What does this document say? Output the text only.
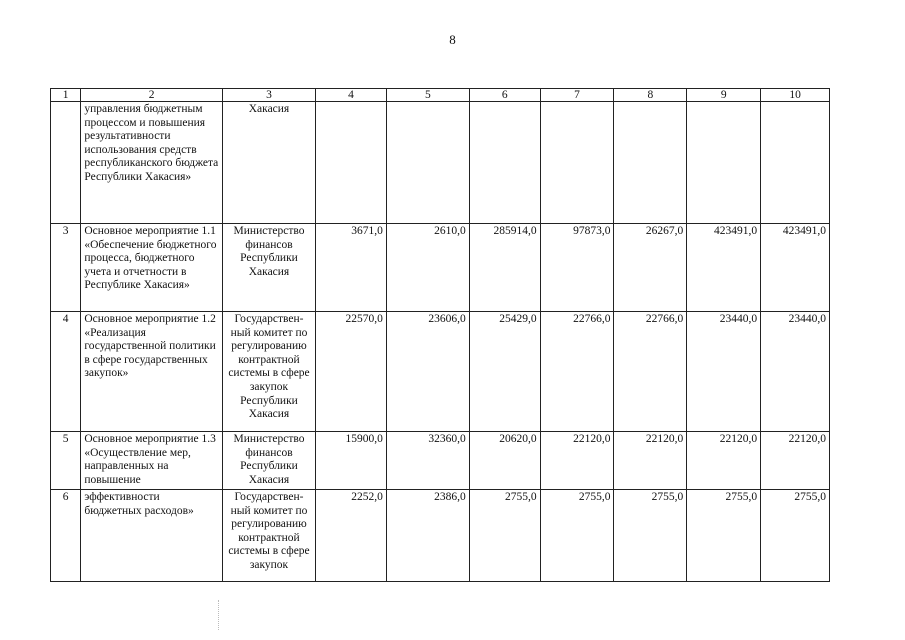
8
1	2	3	4	5	6	7	8	9	10
	управления бюджетным процессом и повышения результативности использования средств республиканского бюджета Республики Хакасия»	Хакасия							
3	Основное мероприятие 1.1 «Обеспечение бюджетного процесса, бюджетного учета и отчетности в Республике Хакасия»	Министерство финансов Республики Хакасия	3671,0	2610,0	285914,0	97873,0	26267,0	423491,0	423491,0
4	Основное мероприятие 1.2 «Реализация государственной политики в сфере государственных закупок»	Государствен-ный комитет по регулированию контрактной системы в сфере закупок Республики Хакасия	22570,0	23606,0	25429,0	22766,0	22766,0	23440,0	23440,0
5	Основное мероприятие 1.3 «Осуществление мер, направленных на повышение	Министерство финансов Республики Хакасия	15900,0	32360,0	20620,0	22120,0	22120,0	22120,0	22120,0
6	эффективности бюджетных расходов»	Государствен-ный комитет по регулированию контрактной системы в сфере закупок	2252,0	2386,0	2755,0	2755,0	2755,0	2755,0	2755,0
